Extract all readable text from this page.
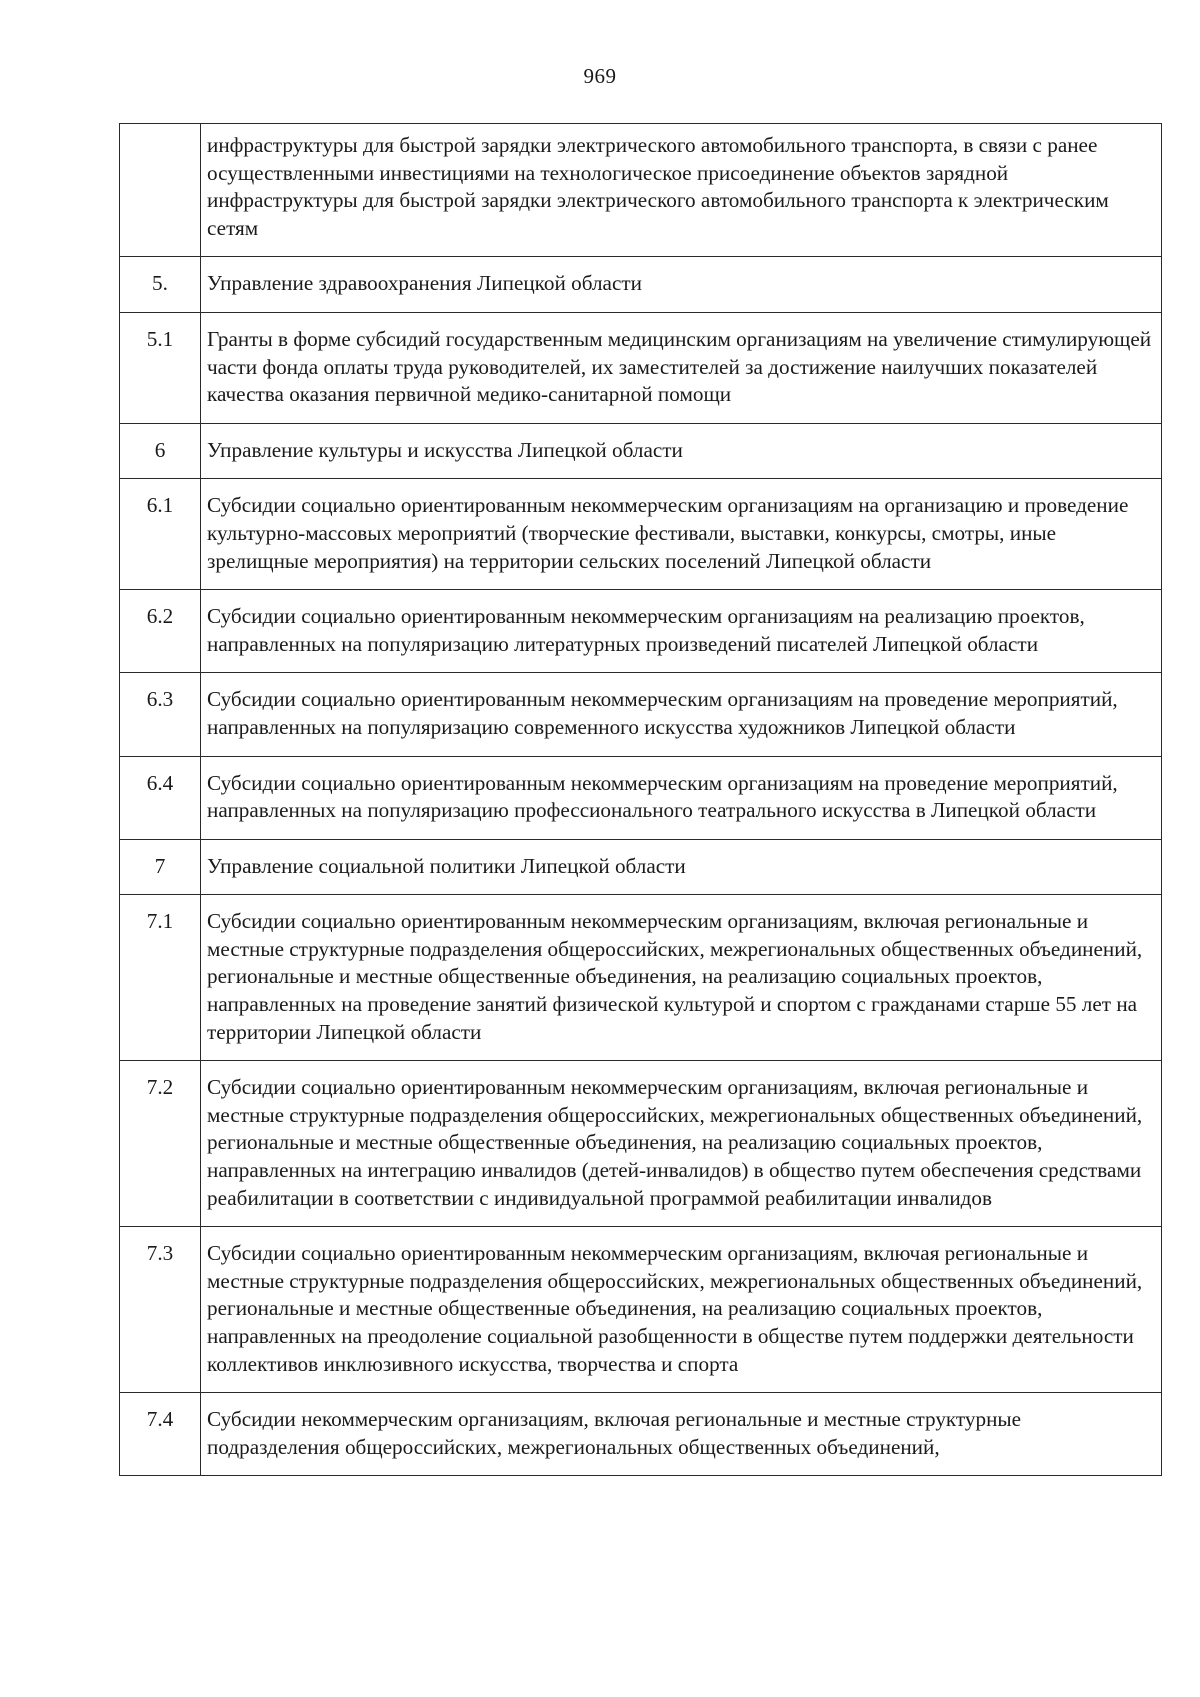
969
	инфраструктуры для быстрой зарядки электрического автомобильного транспорта, в связи с ранее осуществленными инвестициями на технологическое присоединение объектов зарядной инфраструктуры для быстрой зарядки электрического автомобильного транспорта к электрическим сетям
5.	Управление здравоохранения Липецкой области
5.1	Гранты в форме субсидий государственным медицинским организациям на увеличение стимулирующей части фонда оплаты труда руководителей, их заместителей за достижение наилучших показателей качества оказания первичной медико-санитарной помощи
6	Управление культуры и искусства Липецкой области
6.1	Субсидии социально ориентированным некоммерческим организациям на организацию и проведение культурно-массовых мероприятий (творческие фестивали, выставки, конкурсы, смотры, иные зрелищные мероприятия) на территории сельских поселений Липецкой области
6.2	Субсидии социально ориентированным некоммерческим организациям на реализацию проектов, направленных на популяризацию литературных произведений писателей Липецкой области
6.3	Субсидии социально ориентированным некоммерческим организациям на проведение мероприятий, направленных на популяризацию современного искусства художников Липецкой области
6.4	Субсидии социально ориентированным некоммерческим организациям на проведение мероприятий, направленных на популяризацию профессионального театрального искусства в Липецкой области
7	Управление социальной политики Липецкой области
7.1	Субсидии социально ориентированным некоммерческим организациям, включая региональные и местные структурные подразделения общероссийских, межрегиональных общественных объединений, региональные и местные общественные объединения, на реализацию социальных проектов, направленных на проведение занятий физической культурой и спортом с гражданами старше 55 лет на территории Липецкой области
7.2	Субсидии социально ориентированным некоммерческим организациям, включая региональные и местные структурные подразделения общероссийских, межрегиональных общественных объединений, региональные и местные общественные объединения, на реализацию социальных проектов, направленных на интеграцию инвалидов (детей-инвалидов) в общество путем обеспечения средствами реабилитации в соответствии с индивидуальной программой реабилитации инвалидов
7.3	Субсидии социально ориентированным некоммерческим организациям, включая региональные и местные структурные подразделения общероссийских, межрегиональных общественных объединений, региональные и местные общественные объединения, на реализацию социальных проектов, направленных на преодоление социальной разобщенности в обществе путем поддержки деятельности коллективов инклюзивного искусства, творчества и спорта
7.4	Субсидии некоммерческим организациям, включая региональные и местные структурные подразделения общероссийских, межрегиональных общественных объединений,
